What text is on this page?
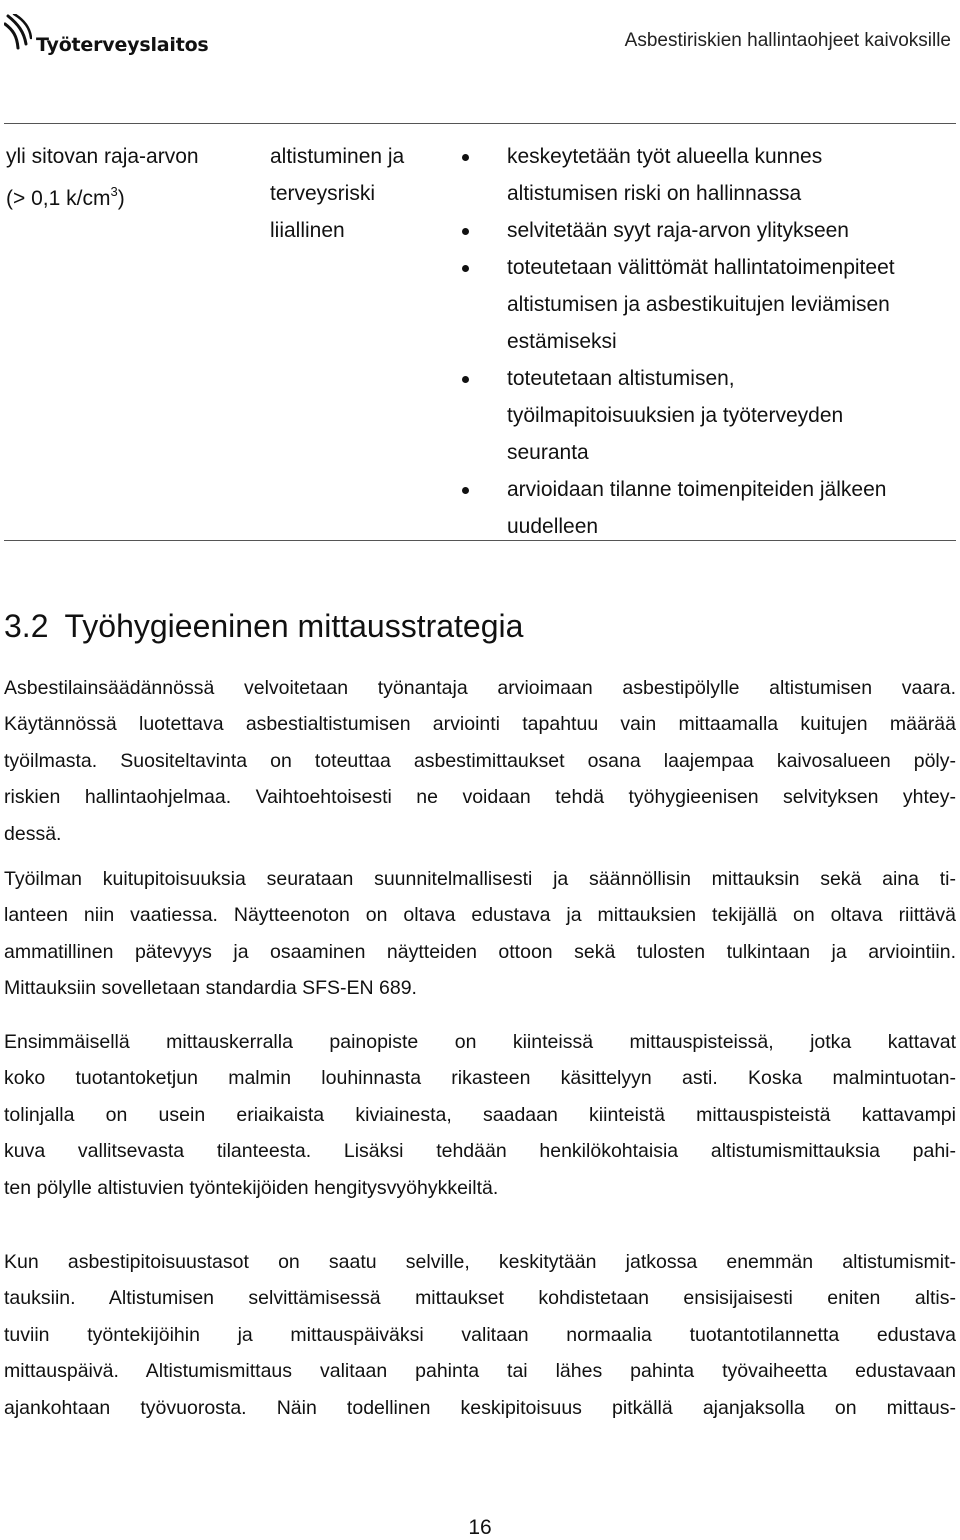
Työterveyslaitos	Asbestiriskien hallintaohjeet kaivoksille
yli sitovan raja-arvon
(> 0,1 $k/cm^3$)
altistuminen ja
terveysriski
liiallinen
keskeytetään työt alueella kunnes
altistumisen riski on hallinnassa
selvitetään syyt raja-arvon ylitykseen
toteutetaan välittömät hallintatoimenpiteet
altistumisen ja asbestikuitujen leviämisen
estämiseksi
toteutetaan altistumisen,
työilmapitoisuuksien ja työterveyden
seuranta
arvioidaan tilanne toimenpiteiden jälkeen
uudelleen
3.2 Työhygieeninen mittausstrategia
Asbestilainsäädännössä velvoitetaan työnantaja arvioimaan asbestipölylle altistumisen vaara.
Käytännössä luotettava asbestialtistumisen arviointi tapahtuu vain mittaamalla kuitujen määrää
työilmasta. Suositeltavinta on toteuttaa asbestimittaukset osana laajempaa kaivosalueen pöly-
riskien hallintaohjelmaa. Vaihtoehtoisesti ne voidaan tehdä työhygieenisen selvityksen yhtey-
dessä.
Työilman kuitupitoisuuksia seurataan suunnitelmallisesti ja säännöllisin mittauksin sekä aina ti-
lanteen niin vaatiessa. Näytteenoton on oltava edustava ja mittauksien tekijällä on oltava riittävä
ammatillinen pätevyys ja osaaminen näytteiden ottoon sekä tulosten tulkintaan ja arviointiin.
Mittauksiin sovelletaan standardia SFS-EN 689.
Ensimmäisellä mittauskerralla painopiste on kiinteissä mittauspisteissä, jotka kattavat
koko tuotantoketjun malmin louhinnasta rikasteen käsittelyyn asti. Koska malmintuotan-
tolinjalla on usein eriaikaista kiviainesta, saadaan kiinteistä mittauspisteistä kattavampi
kuva vallitsevasta tilanteesta. Lisäksi tehdään henkilökohtaisia altistumismittauksia pahi-
ten pölylle altistuvien työntekijöiden hengitysvyöhykkeiltä.
Kun asbestipitoisuustasot on saatu selville, keskitytään jatkossa enemmän altistumismit-
tauksiin. Altistumisen selvittämisessä mittaukset kohdistetaan ensisijaisesti eniten altis-
tuviin työntekijöihin ja mittauspäiväksi valitaan normaalia tuotantotilannetta edustava
mittauspäivä. Altistumismittaus valitaan pahinta tai lähes pahinta työvaiheetta edustavaan
ajankohtaan työvuorosta. Näin todellinen keskipitoisuus pitkällä ajanjaksolla on mittaus-
16
